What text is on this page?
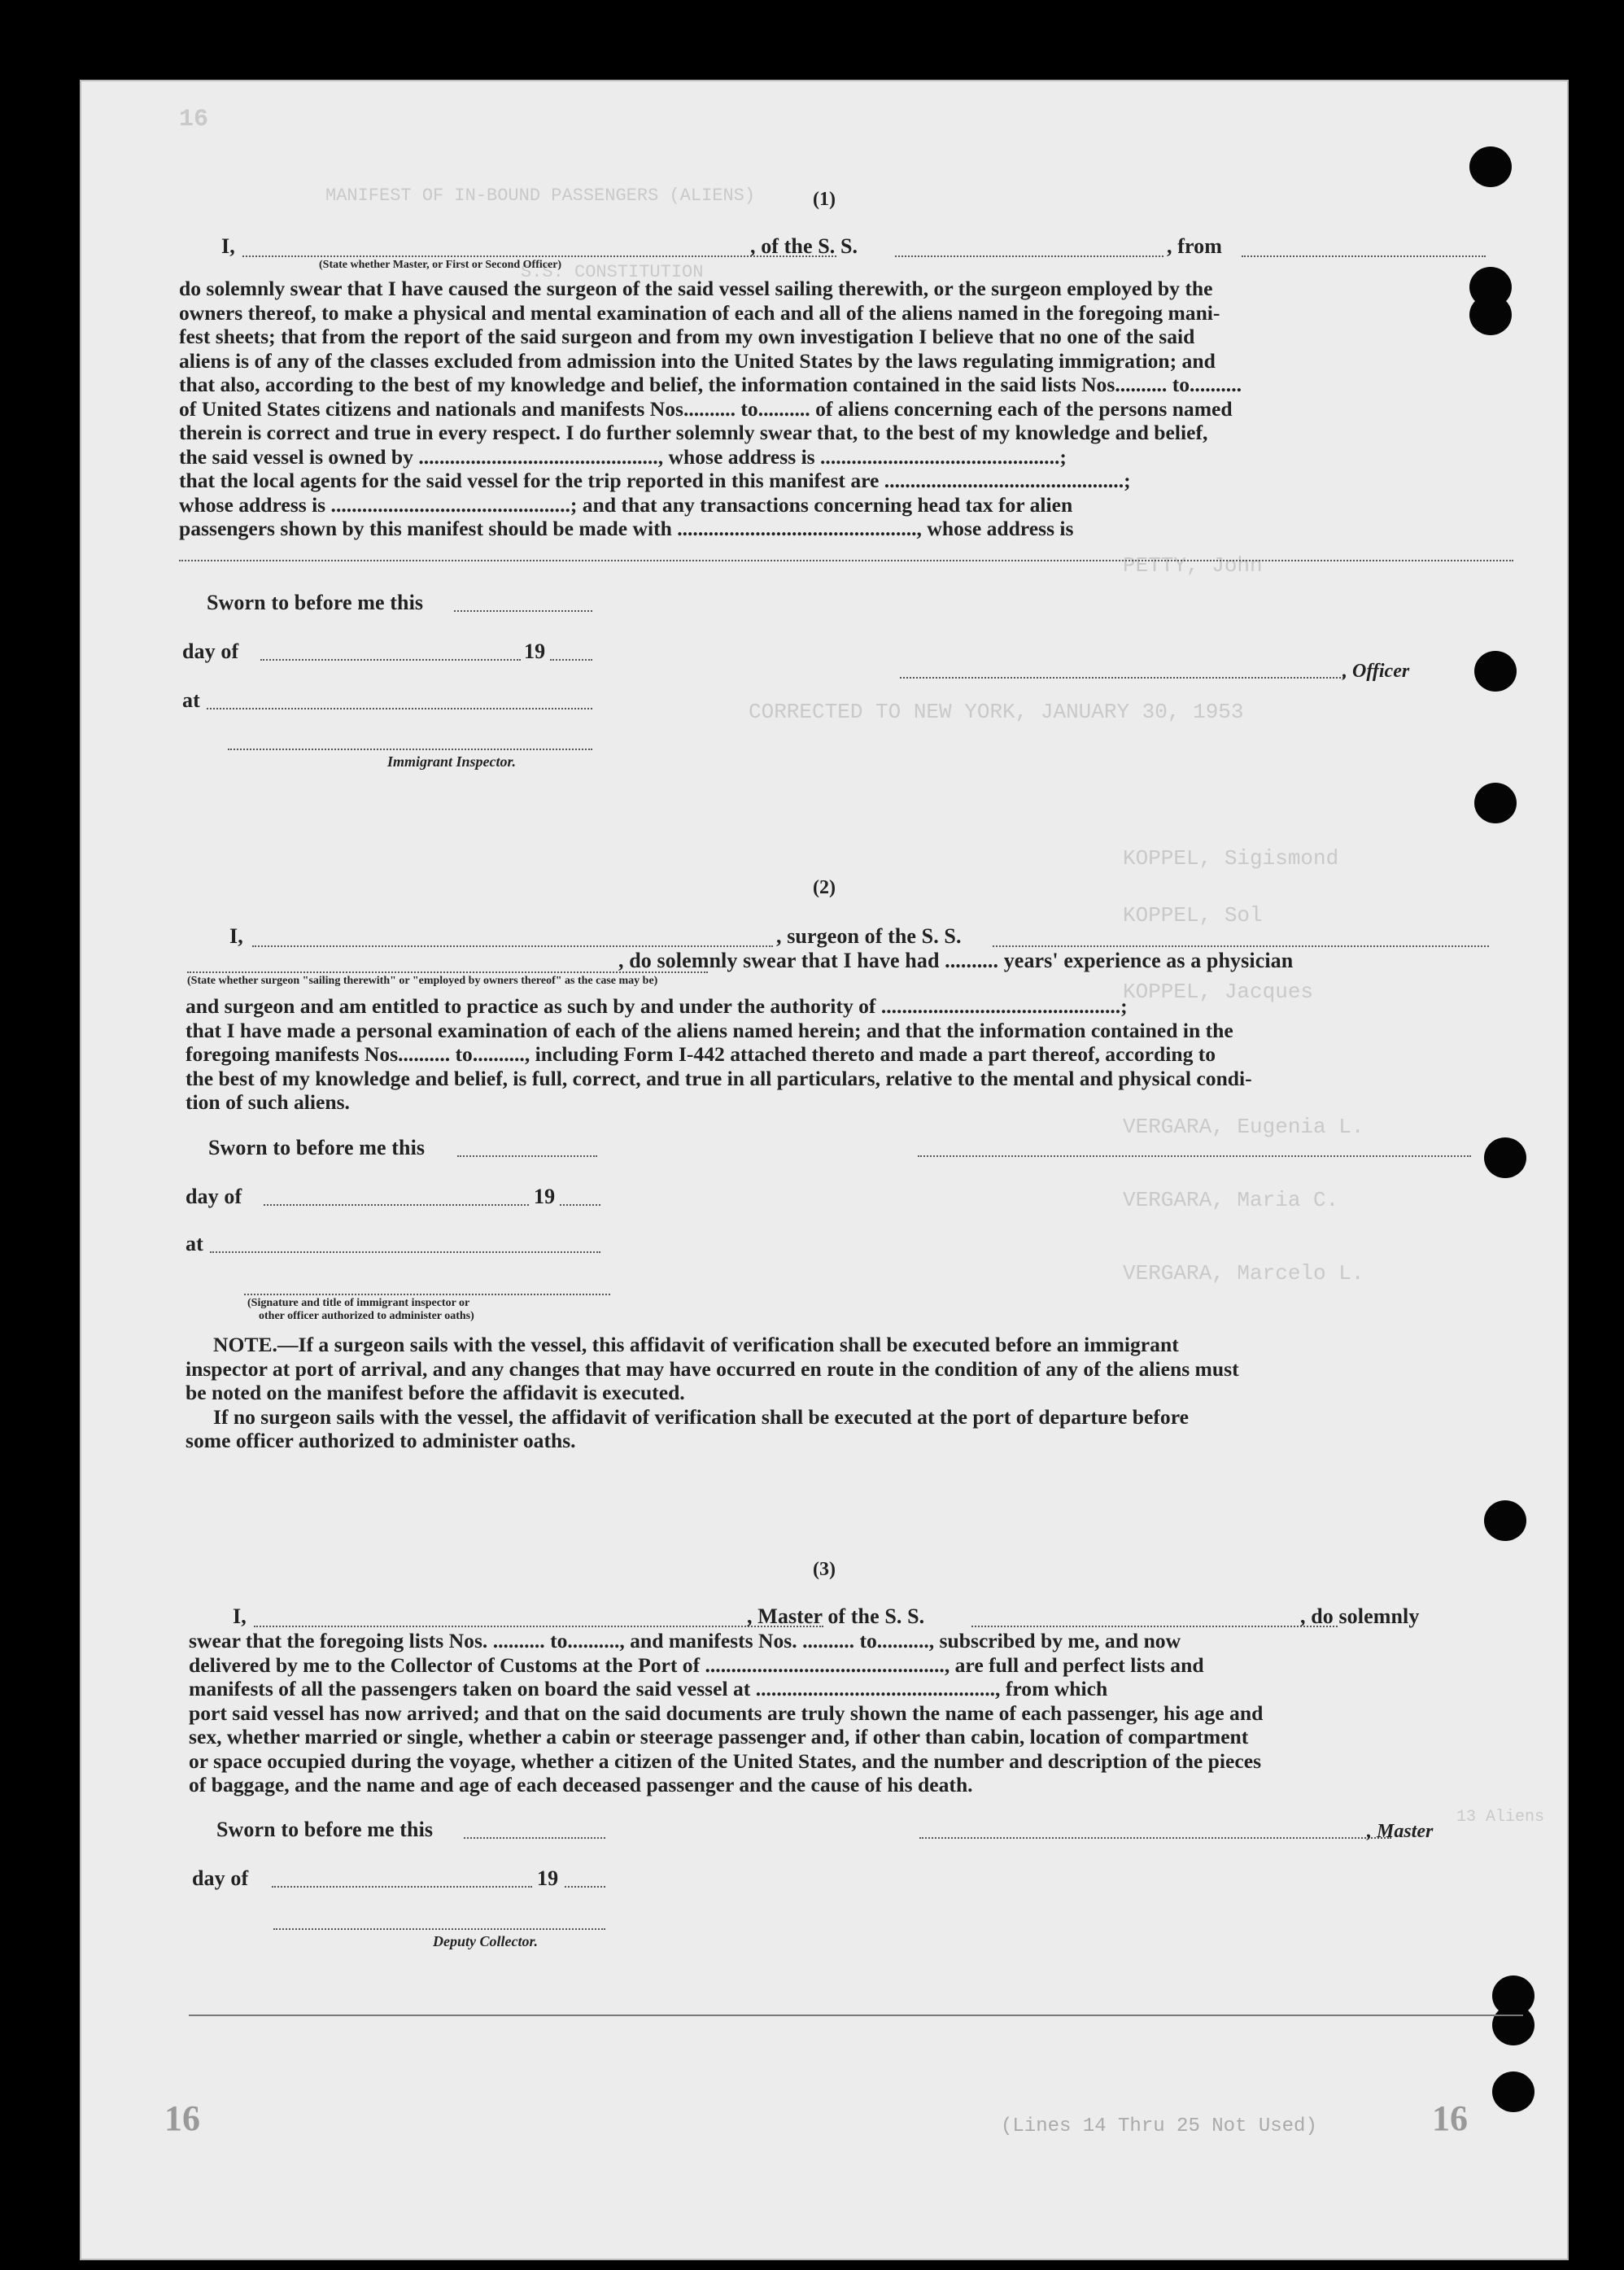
16
MANIFEST OF IN-BOUND PASSENGERS (ALIENS)
S.S. CONSTITUTION
PETTY, John
CORRECTED TO NEW YORK, JANUARY 30, 1953
KOPPEL, Sigismond
KOPPEL, Sol
KOPPEL, Jacques
VERGARA, Eugenia L.
VERGARA, Maria C.
VERGARA, Marcelo L.
13 Aliens
16	16
(Lines 14 Thru 25 Not Used)
(1)
I,	, of the S. S.	, from
(State whether Master, or First or Second Officer)

do solemnly swear that I have caused the surgeon of the said vessel sailing therewith, or the surgeon employed by the

owners thereof, to make a physical and mental examination of each and all of the aliens named in the foregoing mani-

fest sheets; that from the report of the said surgeon and from my own investigation I believe that no one of the said

aliens is of any of the classes excluded from admission into the United States by the laws regulating immigration; and

that also, according to the best of my knowledge and belief, the information contained in the said lists Nos.......... to..........

of United States citizens and nationals and manifests Nos.......... to.......... of aliens concerning each of the persons named

therein is correct and true in every respect. I do further solemnly swear that, to the best of my knowledge and belief,

the said vessel is owned by .............................................., whose address is ..............................................;

that the local agents for the said vessel for the trip reported in this manifest are ..............................................;

whose address is ..............................................; and that any transactions concerning head tax for alien

passengers shown by this manifest should be made with .............................................., whose address is

Sworn to before me this
day of	19
at
Immigrant Inspector.
, Officer
(2)
I,	, surgeon of the S. S.
, do solemnly swear that I have had .......... years' experience as a physician
(State whether surgeon "sailing therewith" or "employed by owners thereof" as the case may be)

and surgeon and am entitled to practice as such by and under the authority of ..............................................;

that I have made a personal examination of each of the aliens named herein; and that the information contained in the

foregoing manifests Nos.......... to.........., including Form I-442 attached thereto and made a part thereof, according to

the best of my knowledge and belief, is full, correct, and true in all particulars, relative to the mental and physical condi-

tion of such aliens.

Sworn to before me this
day of	19
at
(Signature and title of immigrant inspector or
other officer authorized to administer oaths)

NOTE.—If a surgeon sails with the vessel, this affidavit of verification shall be executed before an immigrant

inspector at port of arrival, and any changes that may have occurred en route in the condition of any of the aliens must

be noted on the manifest before the affidavit is executed.

If no surgeon sails with the vessel, the affidavit of verification shall be executed at the port of departure before

some officer authorized to administer oaths.

(3)
I,	, Master of the S. S.	, do solemnly

swear that the foregoing lists Nos. .......... to.........., and manifests Nos. .......... to.........., subscribed by me, and now

delivered by me to the Collector of Customs at the Port of .............................................., are full and perfect lists and

manifests of all the passengers taken on board the said vessel at .............................................., from which

port said vessel has now arrived; and that on the said documents are truly shown the name of each passenger, his age and

sex, whether married or single, whether a cabin or steerage passenger and, if other than cabin, location of compartment

or space occupied during the voyage, whether a citizen of the United States, and the number and description of the pieces

of baggage, and the name and age of each deceased passenger and the cause of his death.

Sworn to before me this
day of	19
Deputy Collector.
, Master
